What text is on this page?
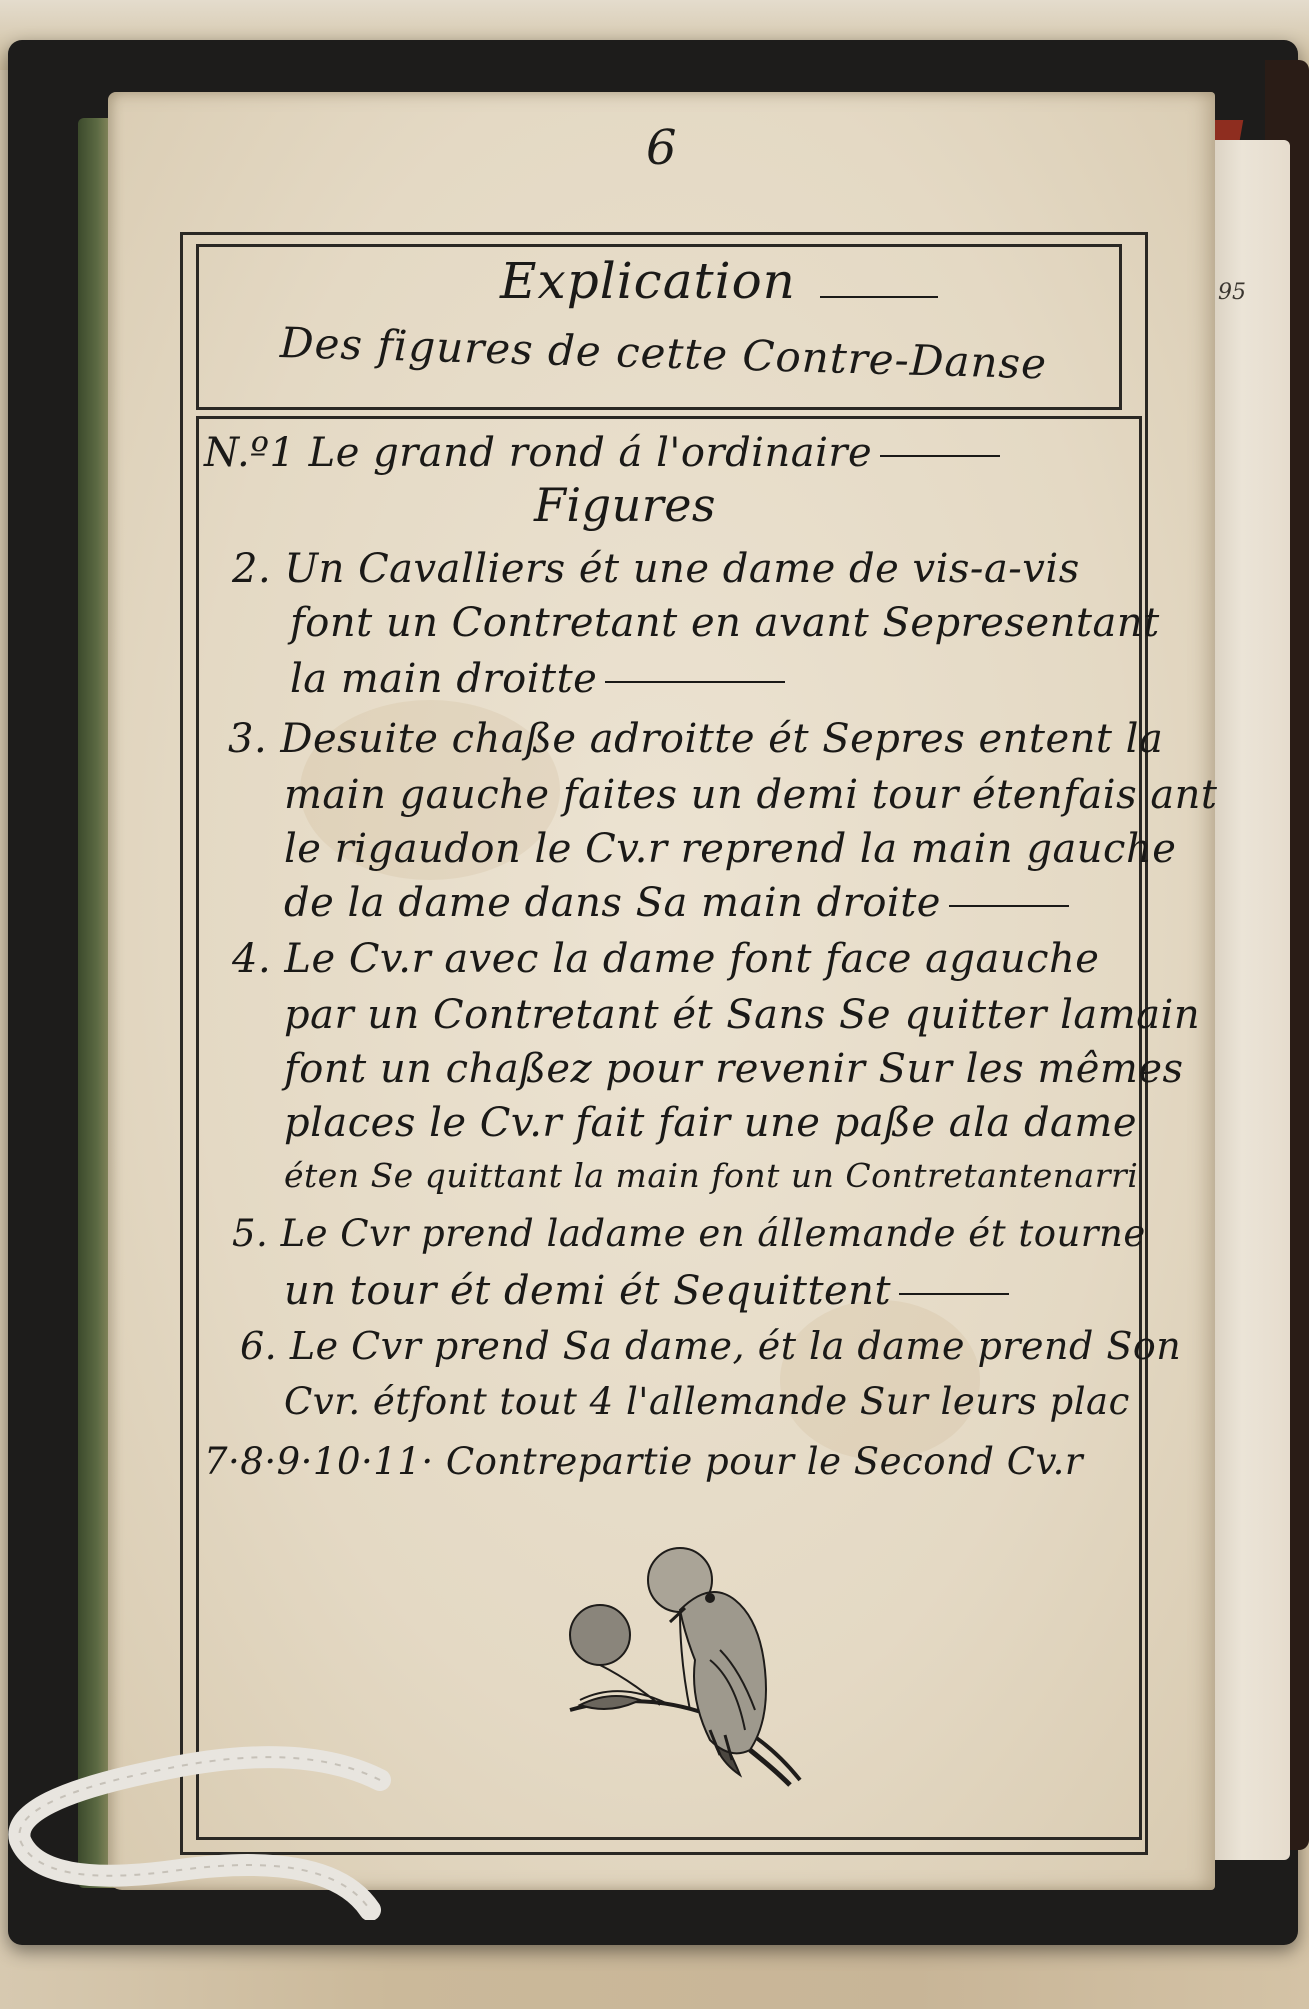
95
6
Explication
Des figures de cette Contre-Danse
N.º1 Le grand rond á l'ordinaire
Figures
2. Un Cavalliers ét une dame de vis-a-vis
font un Contretant en avant Sepresentant
la main droitte
3. Desuite chaße adroitte ét Sepres entent la
main gauche faites un demi tour étenfais ant
le rigaudon le Cv.r reprend la main gauche
de la dame dans Sa main droite
4. Le Cv.r avec la dame font face agauche
par un Contretant ét Sans Se quitter lamain
font un chaßez pour revenir Sur les mêmes
places le Cv.r fait fair une paße ala dame
éten Se quittant la main font un Contretantenarri
5. Le Cvr prend ladame en állemande ét tourne
un tour ét demi ét Sequittent
6. Le Cvr prend Sa dame, ét la dame prend Son
Cvr. étfont tout 4 l'allemande Sur leurs plac
7·8·9·10·11· Contrepartie pour le Second Cv.r
